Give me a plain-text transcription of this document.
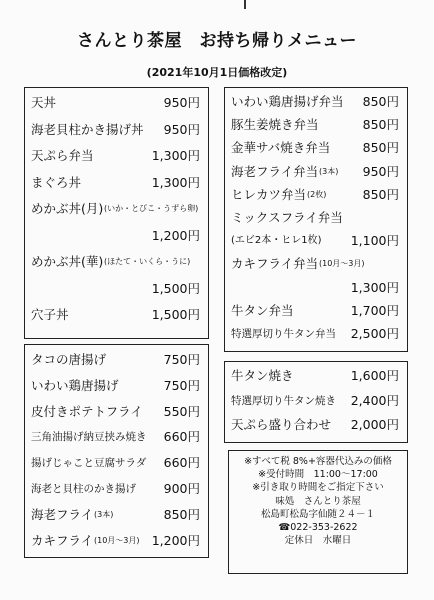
さんとり茶屋　お持ち帰りメニュー
(2021年10月1日価格改定)
天丼	950円
海老貝柱かき揚げ丼 950円
天ぷら弁当	1,300円
まぐろ丼	1,300円
めかぶ丼(月) (いか・とびこ・うずら卵)
1,200円
めかぶ丼(華) (ほたて・いくら・うに)
1,500円
穴子丼	1,500円
タコの唐揚げ	750円
いわい鶏唐揚げ	750円
皮付きポテトフライ 550円
三角油揚げ納豆挟み焼き 660円
揚げじゃこと豆腐サラダ 660円
海老と貝柱のかき揚げ 900円
海老フライ (3本)	850円
カキフライ (10月～3月) 1,200円
いわい鶏唐揚げ弁当 850円
豚生姜焼き弁当	850円
金華サバ焼き弁当	850円
海老フライ弁当 (3本) 950円
ヒレカツ弁当 (2枚)	850円
ミックスフライ弁当
(エビ2本・ヒレ1枚) 1,100円
カキフライ弁当 (10月～3月)
1,300円
牛タン弁当	1,700円
特選厚切り牛タン弁当 2,500円
牛タン焼き	1,600円
特選厚切り牛タン焼き 2,400円
天ぷら盛り合わせ 2,000円
※すべて税 8%+容器代込みの価格
※受付時間　11:00～17:00
※引き取り時間をご指定下さい
味処　さんとり茶屋
松島町松島字仙随２４－１
☎022-353-2622
定休日　水曜日
